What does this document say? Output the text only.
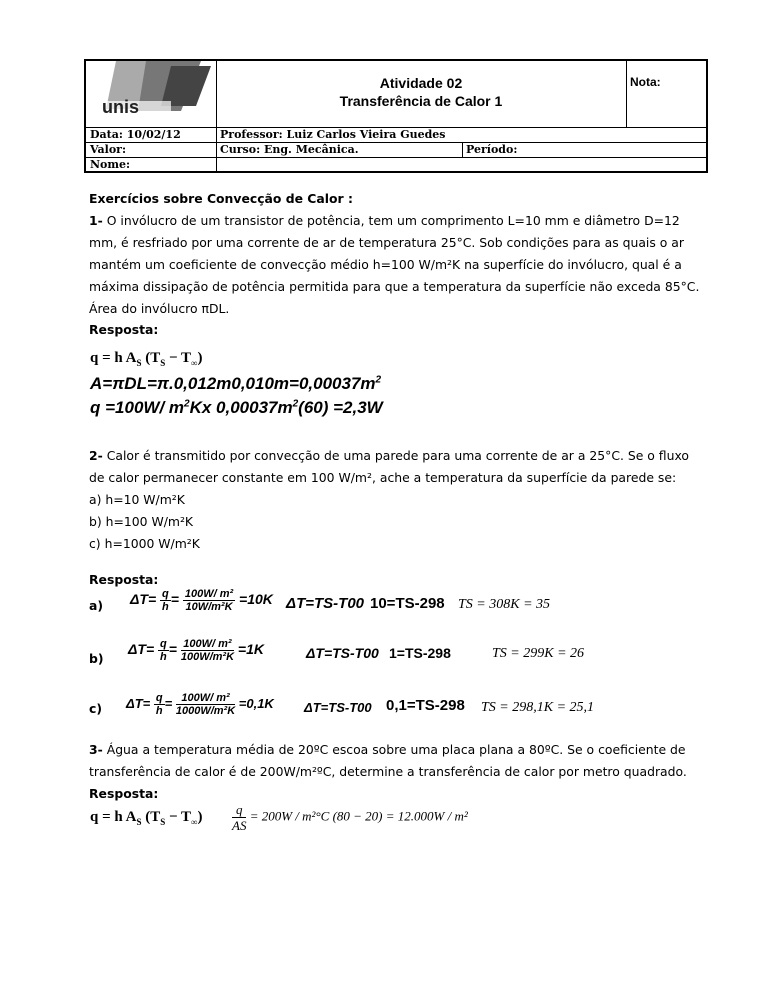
unis
Atividade 02
Transferência de Calor 1
Nota:
Data: 10/02/12	Professor: Luiz Carlos Vieira Guedes
Valor:	Curso: Eng. Mecânica.	Período:
Nome:
Exercícios sobre Convecção de Calor :
1- O invólucro de um transistor de potência, tem um comprimento L=10 mm e diâmetro D=12 mm, é resfriado por uma corrente de ar de temperatura 25°C. Sob condições para as quais o ar mantém um coeficiente de convecção médio h=100 W/m²K na superfície do invólucro, qual é a máxima dissipação de potência permitida para que a temperatura da superfície não exceda 85°C. Área do invólucro πDL.
Resposta:
q = h $A_S$ $(T_S - T_\infty)$
$A=\pi DL=\pi.0,012m0,010m=0,00037m^2$
q =100W/ $m^2Kx$ $0,00037m^2(60) =2,3W$
2- Calor é transmitido por convecção de uma parede para uma corrente de ar a 25°C. Se o fluxo de calor permanecer constante em 100 W/m², ache a temperatura da superfície da parede se:
a) h=10 W/m²K
b) h=100 W/m²K
c) h=1000 W/m²K
Resposta:
a)	$\Delta T= \frac{q}{h} = \frac{\text{100W/ m²}}{\text{10W/m²K}} =10K$ ΔT=TS-T00 10=TS-298 TS = 308K = 35
b)
$\Delta T= \frac{q}{h} = \frac{\text{100W/ m²}}{\text{100W/m²K}} =1K$	ΔT=TS-T00 1=TS-298	TS = 299K = 26
c)	$\Delta T= \frac{q}{h} = \frac{\text{100W/ m²}}{\text{1000W/m²K}} =0,1K$ ΔT=TS-T00 0,1=TS-298 TS = 298,1K = 25,1
3- Água a temperatura média de 20ºC escoa sobre uma placa plana a 80ºC. Se o coeficiente de transferência de calor é de 200W/m²ºC, determine a transferência de calor por metro quadrado.
Resposta:
q = h $A_S$ $(T_S - T_\infty) \frac{q}{AS} = 200W / m^2^\circ C$ (80 − 20) = 12.000W / m²
